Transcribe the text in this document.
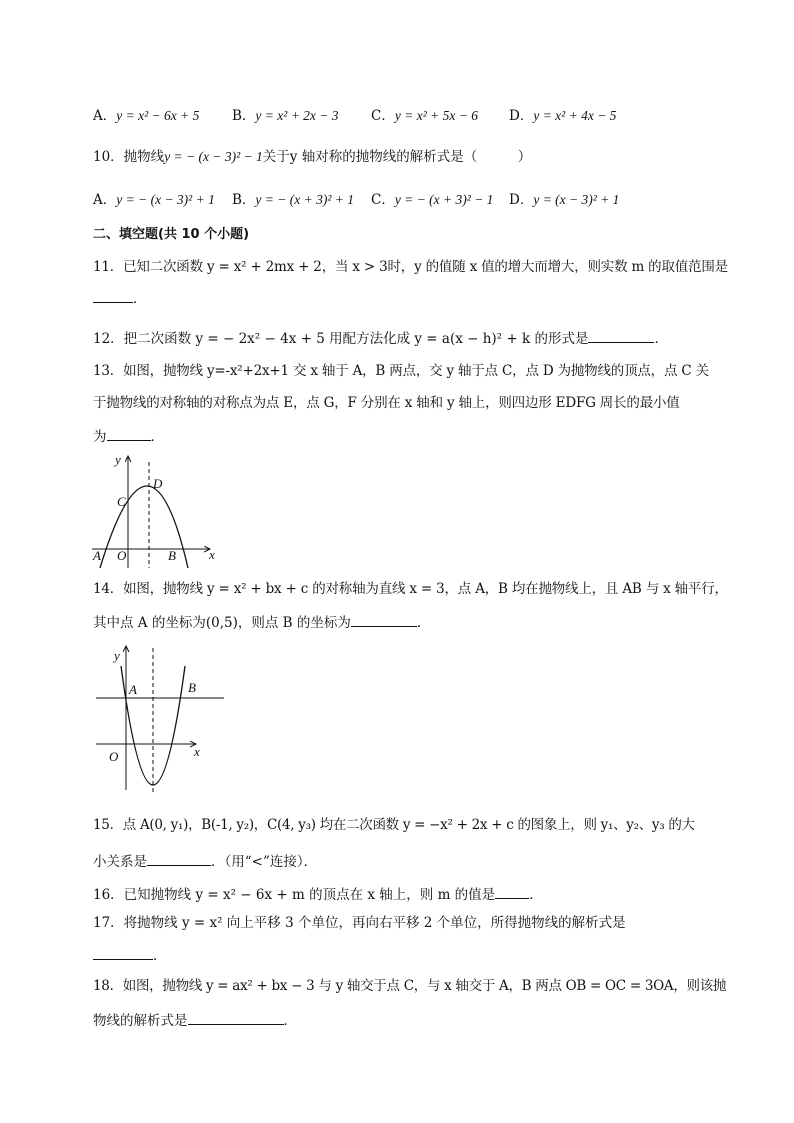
A．y = x² − 6x + 5 B．y = x² + 2x − 3 C．y = x² + 5x − 6 D．y = x² + 4x − 5
10．抛物线y = − (x − 3)² − 1关于y 轴对称的抛物线的解析式是（　　　）
A．y = − (x − 3)² + 1 B．y = − (x + 3)² + 1 C．y = − (x + 3)² − 1 D．y = (x − 3)² + 1
二、填空题(共 10 个小题)
11．已知二次函数 y = x² + 2mx + 2，当 x > 3时，y 的值随 x 值的增大而增大，则实数 m 的取值范围是
．
12．把二次函数 y = − 2x² − 4x + 5 用配方法化成 y = a(x − h)² + k 的形式是	．
13．如图，抛物线 y=-x²+2x+1 交 x 轴于 A，B 两点，交 y 轴于点 C，点 D 为抛物线的顶点，点 C 关
于抛物线的对称轴的对称点为点 E，点 G，F 分别在 x 轴和 y 轴上，则四边形 EDFG 周长的最小值
为	．
y
x
C
D
A O	B
14．如图，抛物线 y = x² + bx + c 的对称轴为直线 x = 3，点 A，B 均在抛物线上，且 AB 与 x 轴平行，
其中点 A 的坐标为(0,5)，则点 B 的坐标为	．
y
x
A	B
O
15．点 A(0, y₁)，B(-1, y₂)，C(4, y₃) 均在二次函数 y = −x² + 2x + c 的图象上，则 y₁、y₂、y₃ 的大
小关系是	．（用“<”连接）．
16．已知抛物线 y = x² − 6x + m 的顶点在 x 轴上，则 m 的值是	．
17．将抛物线 y = x² 向上平移 3 个单位，再向右平移 2 个单位，所得抛物线的解析式是
．
18．如图，抛物线 y = ax² + bx − 3 与 y 轴交于点 C，与 x 轴交于 A，B 两点 OB = OC = 3OA，则该抛
物线的解析式是	．
